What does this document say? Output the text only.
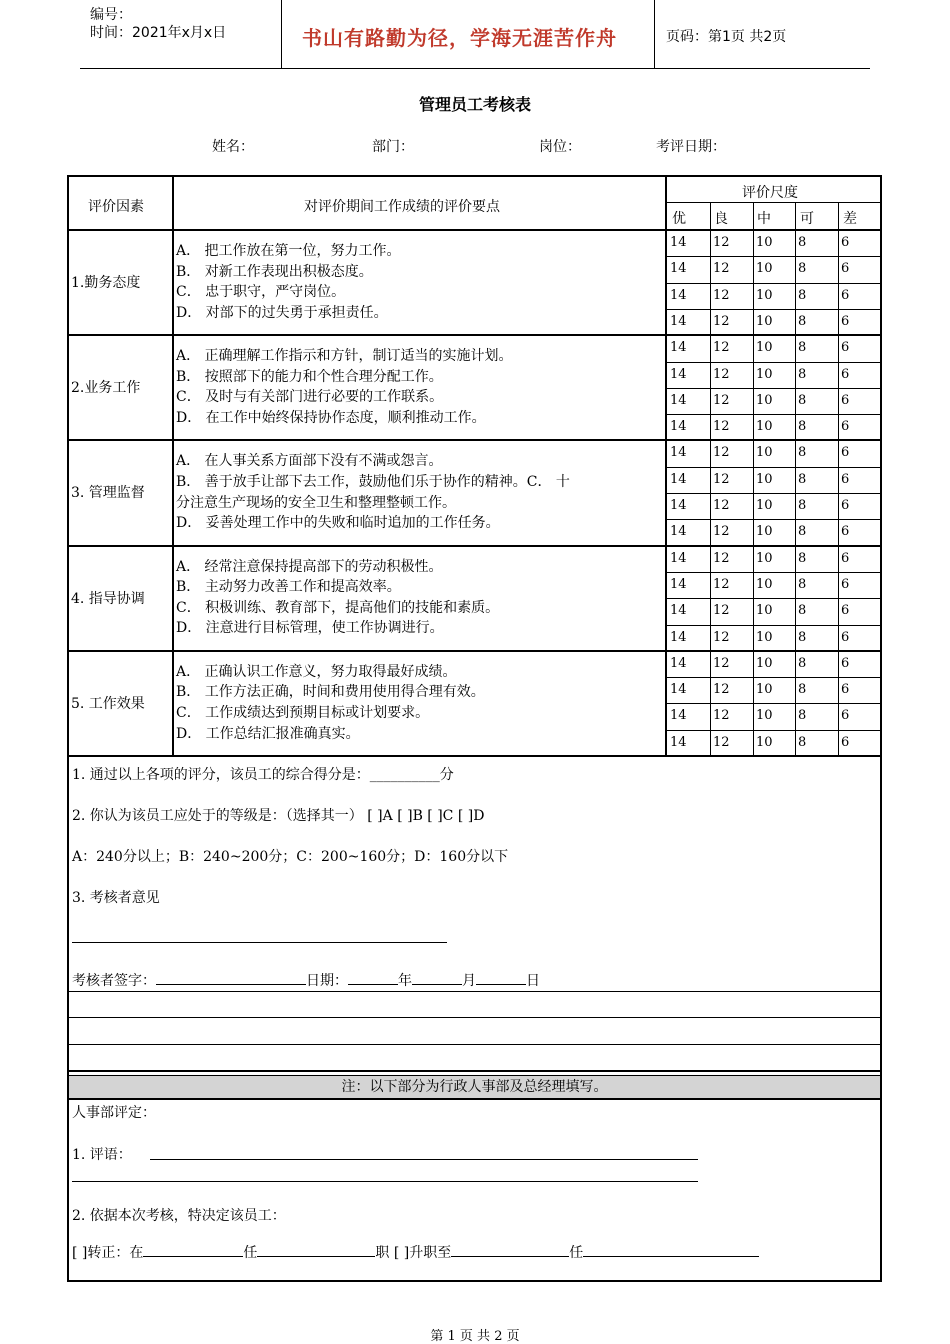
编号：
时间：2021年x月x日	书山有路勤为径，学海无涯苦作舟	页码：第1页 共2页
管理员工考核表
姓名：	部门：	岗位：	考评日期：
评价因素	对评价期间工作成绩的评价要点
评价尺度
优 良 中 可 差
1.勤务态度
A． 把工作放在第一位，努力工作。
B． 对新工作表现出积极态度。
C． 忠于职守，严守岗位。
D． 对部下的过失勇于承担责任。
14 12 10 8	6
14 12 10 8	6
14 12 10 8	6
14 12 10 8	6
2.业务工作
A． 正确理解工作指示和方针，制订适当的实施计划。
B． 按照部下的能力和个性合理分配工作。
C． 及时与有关部门进行必要的工作联系。
D． 在工作中始终保持协作态度，顺利推动工作。
14 12 10 8	6
14 12 10 8	6
14 12 10 8	6
14 12 10 8	6
3. 管理监督
A． 在人事关系方面部下没有不满或怨言。
B． 善于放手让部下去工作，鼓励他们乐于协作的精神。C． 十
分注意生产现场的安全卫生和整理整顿工作。
D． 妥善处理工作中的失败和临时追加的工作任务。
14 12 10 8	6
14 12 10 8	6
14 12 10 8	6
14 12 10 8	6
4. 指导协调
A． 经常注意保持提高部下的劳动积极性。
B． 主动努力改善工作和提高效率。
C． 积极训练、教育部下，提高他们的技能和素质。
D． 注意进行目标管理，使工作协调进行。
14 12 10 8	6
14 12 10 8	6
14 12 10 8	6
14 12 10 8	6
5. 工作效果
A． 正确认识工作意义，努力取得最好成绩。
B． 工作方法正确，时间和费用使用得合理有效。
C． 工作成绩达到预期目标或计划要求。
D． 工作总结汇报准确真实。
14 12 10 8	6
14 12 10 8	6
14 12 10 8	6
14 12 10 8	6
1. 通过以上各项的评分，该员工的综合得分是：__________分
2. 你认为该员工应处于的等级是：（选择其一） [ ]A [ ]B [ ]C [ ]D
A：240分以上；B：240~200分；C：200~160分；D：160分以下
3. 考核者意见
考核者签字：	日期：	年	月	日
注：以下部分为行政人事部及总经理填写。
人事部评定：
1. 评语：
2. 依据本次考核，特决定该员工：
[ ]转正：在	任	职 [ ]升职至	任
第 1 页 共 2 页
